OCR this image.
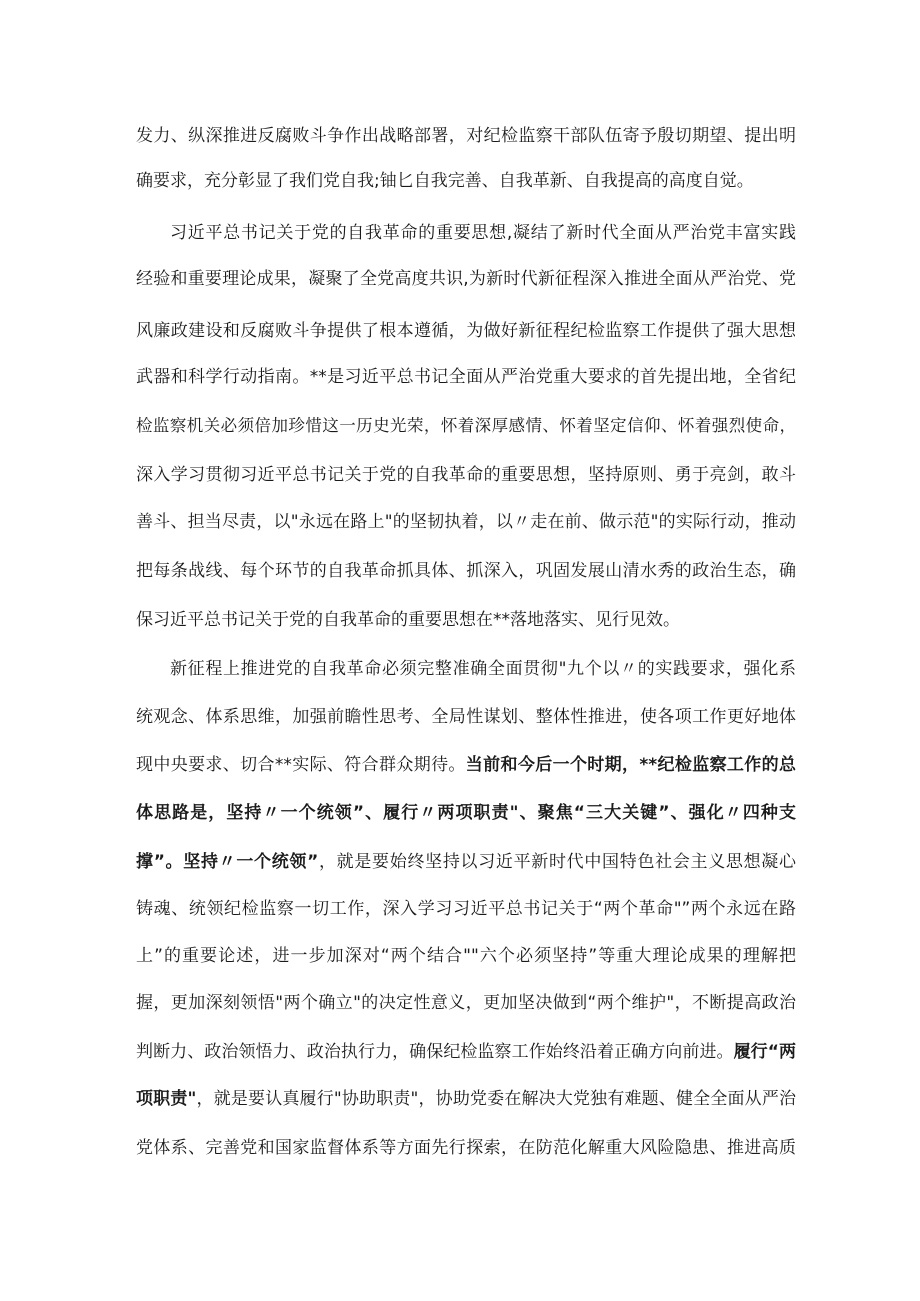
发力、纵深推进反腐败斗争作出战略部署，对纪检监察干部队伍寄予殷切期望、提出明
确要求，充分彰显了我们党自我;铀匕自我完善、自我革新、自我提高的高度自觉。
习近平总书记关于党的自我革命的重要思想,凝结了新时代全面从严治党丰富实践
经验和重要理论成果，凝聚了全党高度共识,为新时代新征程深入推进全面从严治党、党
风廉政建设和反腐败斗争提供了根本遵循，为做好新征程纪检监察工作提供了强大思想
武器和科学行动指南。**是习近平总书记全面从严治党重大要求的首先提出地，全省纪
检监察机关必须倍加珍惜这一历史光荣，怀着深厚感情、怀着坚定信仰、怀着强烈使命，
深入学习贯彻习近平总书记关于党的自我革命的重要思想，坚持原则、勇于亮剑，敢斗
善斗、担当尽责，以"永远在路上"的坚韧执着，以〃走在前、做示范"的实际行动，推动
把每条战线、每个环节的自我革命抓具体、抓深入，巩固发展山清水秀的政治生态，确
保习近平总书记关于党的自我革命的重要思想在**落地落实、见行见效。
新征程上推进党的自我革命必须完整准确全面贯彻"九个以〃的实践要求，强化系
统观念、体系思维，加强前瞻性思考、全局性谋划、整体性推进，使各项工作更好地体
现中央要求、切合**实际、符合群众期待。当前和今后一个时期，**纪检监察工作的总
体思路是，坚持〃一个统领”、履行〃两项职责"、聚焦“三大关键”、强化〃四种支
撑”。坚持〃一个统领”，就是要始终坚持以习近平新时代中国特色社会主义思想凝心
铸魂、统领纪检监察一切工作，深入学习习近平总书记关于“两个革命"”两个永远在路
上”的重要论述，进一步加深对“两个结合""六个必须坚持”等重大理论成果的理解把
握，更加深刻领悟"两个确立"的决定性意义，更加坚决做到“两个维护"，不断提高政治
判断力、政治领悟力、政治执行力，确保纪检监察工作始终沿着正确方向前进。履行“两
项职责"，就是要认真履行"协助职责"，协助党委在解决大党独有难题、健全全面从严治
党体系、完善党和国家监督体系等方面先行探索，在防范化解重大风险隐患、推进高质
